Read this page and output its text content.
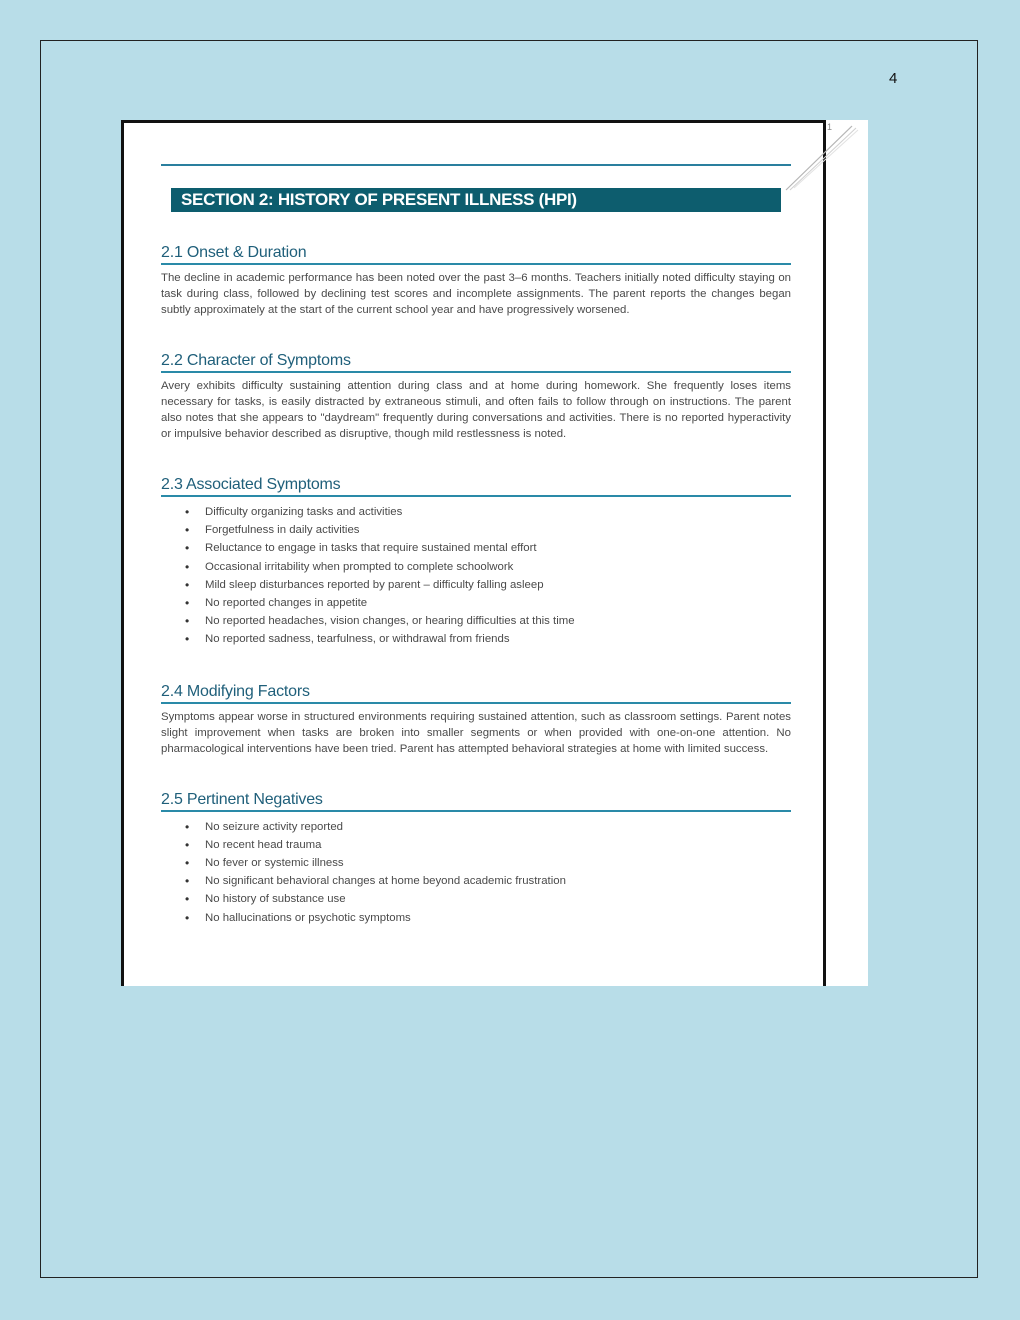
4
1
SECTION 2: HISTORY OF PRESENT ILLNESS (HPI)
2.1 Onset & Duration
The decline in academic performance has been noted over the past 3–6 months. Teachers initially noted difficulty staying on task during class, followed by declining test scores and incomplete assignments. The parent reports the changes began subtly approximately at the start of the current school year and have progressively worsened.
2.2 Character of Symptoms
Avery exhibits difficulty sustaining attention during class and at home during homework. She frequently loses items necessary for tasks, is easily distracted by extraneous stimuli, and often fails to follow through on instructions. The parent also notes that she appears to "daydream" frequently during conversations and activities. There is no reported hyperactivity or impulsive behavior described as disruptive, though mild restlessness is noted.
2.3 Associated Symptoms
• Difficulty organizing tasks and activities
• Forgetfulness in daily activities
• Reluctance to engage in tasks that require sustained mental effort
• Occasional irritability when prompted to complete schoolwork
• Mild sleep disturbances reported by parent – difficulty falling asleep
• No reported changes in appetite
• No reported headaches, vision changes, or hearing difficulties at this time
• No reported sadness, tearfulness, or withdrawal from friends
2.4 Modifying Factors
Symptoms appear worse in structured environments requiring sustained attention, such as classroom settings. Parent notes slight improvement when tasks are broken into smaller segments or when provided with one-on-one attention. No pharmacological interventions have been tried. Parent has attempted behavioral strategies at home with limited success.
2.5 Pertinent Negatives
• No seizure activity reported
• No recent head trauma
• No fever or systemic illness
• No significant behavioral changes at home beyond academic frustration
• No history of substance use
• No hallucinations or psychotic symptoms
